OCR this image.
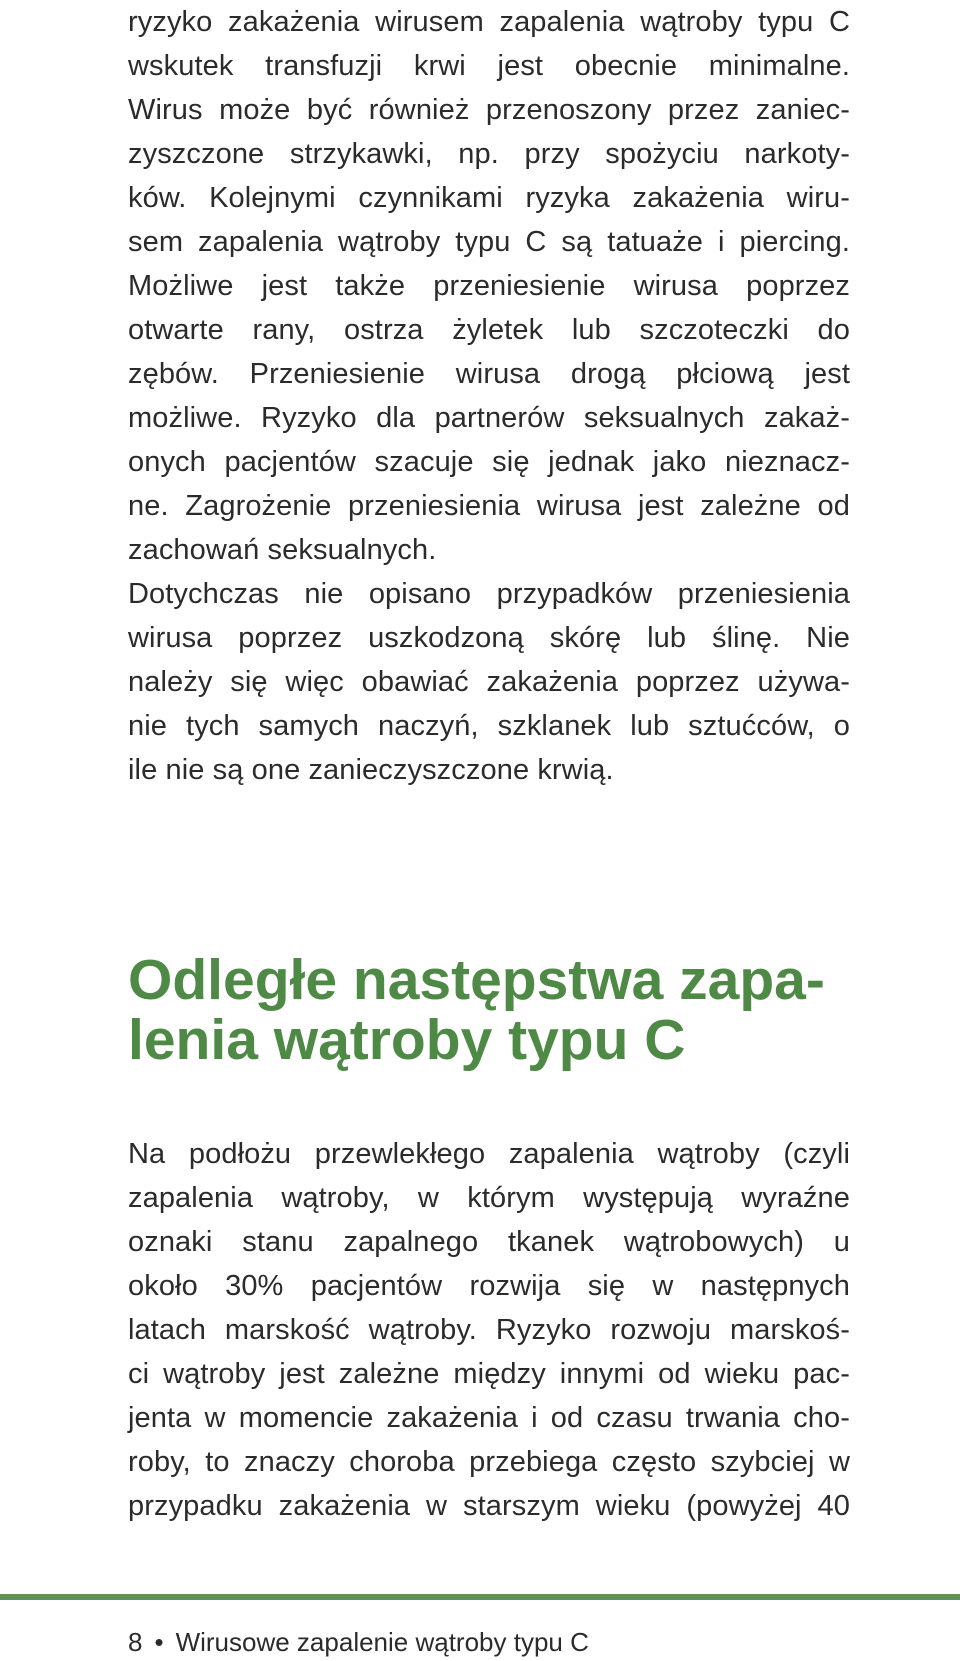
ryzyko zakażenia wirusem zapalenia wątroby typu C
wskutek transfuzji krwi jest obecnie minimalne.
Wirus może być również przenoszony przez zaniec-
zyszczone strzykawki, np. przy spożyciu narkoty-
ków. Kolejnymi czynnikami ryzyka zakażenia wiru-
sem zapalenia wątroby typu C są tatuaże i piercing.
Możliwe jest także przeniesienie wirusa poprzez
otwarte rany, ostrza żyletek lub szczoteczki do
zębów. Przeniesienie wirusa drogą płciową jest
możliwe. Ryzyko dla partnerów seksualnych zakaż-
onych pacjentów szacuje się jednak jako nieznacz-
ne. Zagrożenie przeniesienia wirusa jest zależne od
zachowań seksualnych.
Dotychczas nie opisano przypadków przeniesienia
wirusa poprzez uszkodzoną skórę lub ślinę. Nie
należy się więc obawiać zakażenia poprzez używa-
nie tych samych naczyń, szklanek lub sztućców, o
ile nie są one zanieczyszczone krwią.
Odległe następstwa zapa-
lenia wątroby typu C
Na podłożu przewlekłego zapalenia wątroby (czyli
zapalenia wątroby, w którym występują wyraźne
oznaki stanu zapalnego tkanek wątrobowych) u
około 30% pacjentów rozwija się w następnych
latach marskość wątroby. Ryzyko rozwoju marskoś-
ci wątroby jest zależne między innymi od wieku pac-
jenta w momencie zakażenia i od czasu trwania cho-
roby, to znaczy choroba przebiega często szybciej w
przypadku zakażenia w starszym wieku (powyżej 40
8 • Wirusowe zapalenie wątroby typu C
